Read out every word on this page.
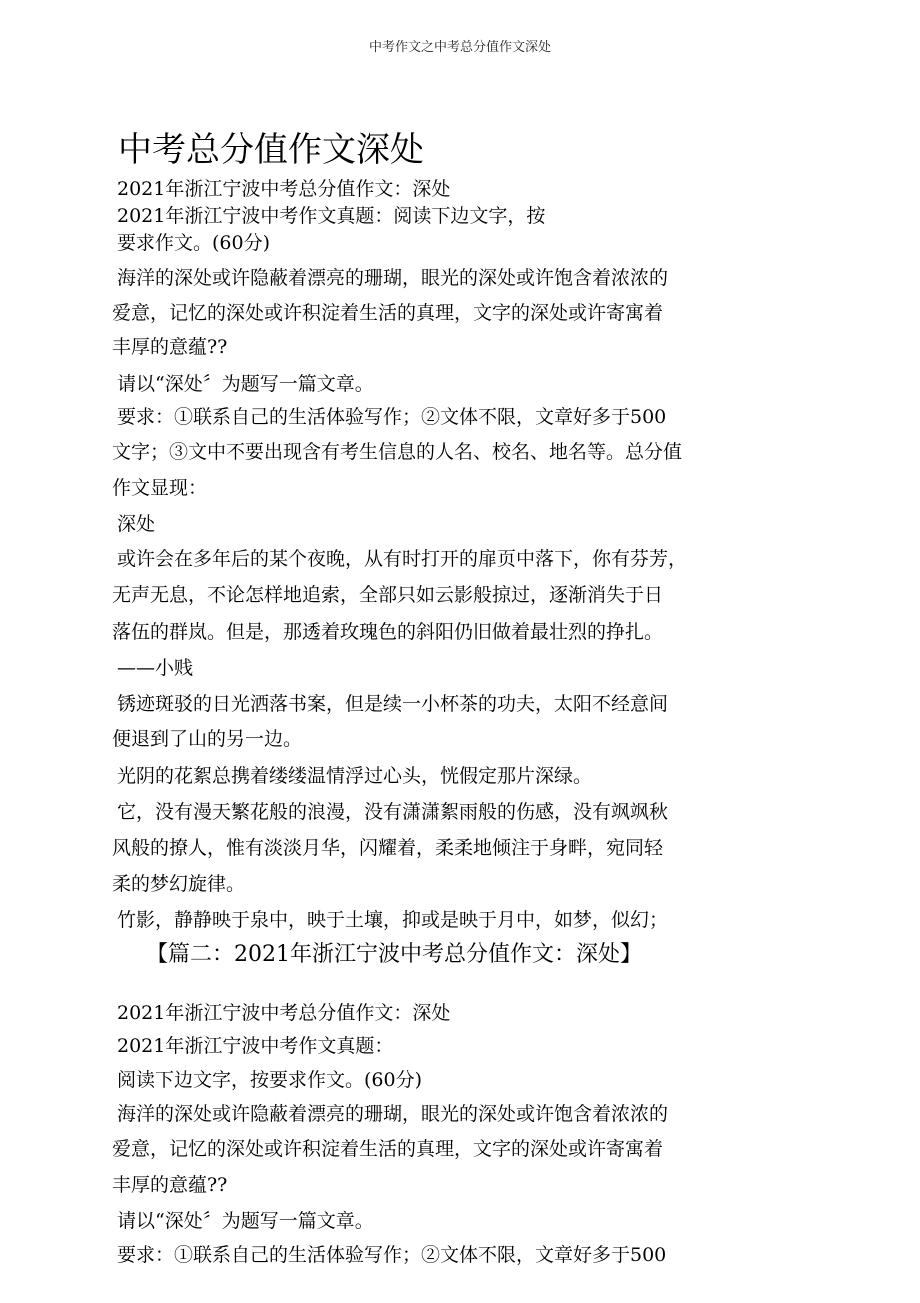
中考作文之中考总分值作文深处
中考总分值作文深处
2021年浙江宁波中考总分值作文：深处
2021年浙江宁波中考作文真题：阅读下边文字，按
要求作文。(60分)
海洋的深处或许隐蔽着漂亮的珊瑚，眼光的深处或许饱含着浓浓的
爱意，记忆的深处或许积淀着生活的真理，文字的深处或许寄寓着
丰厚的意蕴??
请以“深处〞为题写一篇文章。
要求：①联系自己的生活体验写作；②文体不限，文章好多于500
文字；③文中不要出现含有考生信息的人名、校名、地名等。总分值
作文显现：
深处
或许会在多年后的某个夜晚，从有时打开的扉页中落下，你有芬芳，
无声无息，不论怎样地追索，全部只如云影般掠过，逐渐消失于日
落伍的群岚。但是，那透着玫瑰色的斜阳仍旧做着最壮烈的挣扎。
——小贱
锈迹斑驳的日光洒落书案，但是续一小杯茶的功夫，太阳不经意间
便退到了山的另一边。
光阴的花絮总携着缕缕温情浮过心头，恍假定那片深绿。
它，没有漫天繁花般的浪漫，没有潇潇絮雨般的伤感，没有飒飒秋
风般的撩人，惟有淡淡月华，闪耀着，柔柔地倾注于身畔，宛同轻
柔的梦幻旋律。
竹影，静静映于泉中，映于土壤，抑或是映于月中，如梦，似幻；
【篇二：2021年浙江宁波中考总分值作文：深处】
2021年浙江宁波中考总分值作文：深处
2021年浙江宁波中考作文真题：
阅读下边文字，按要求作文。(60分)
海洋的深处或许隐蔽着漂亮的珊瑚，眼光的深处或许饱含着浓浓的
爱意，记忆的深处或许积淀着生活的真理，文字的深处或许寄寓着
丰厚的意蕴??
请以“深处〞为题写一篇文章。
要求：①联系自己的生活体验写作；②文体不限，文章好多于500
